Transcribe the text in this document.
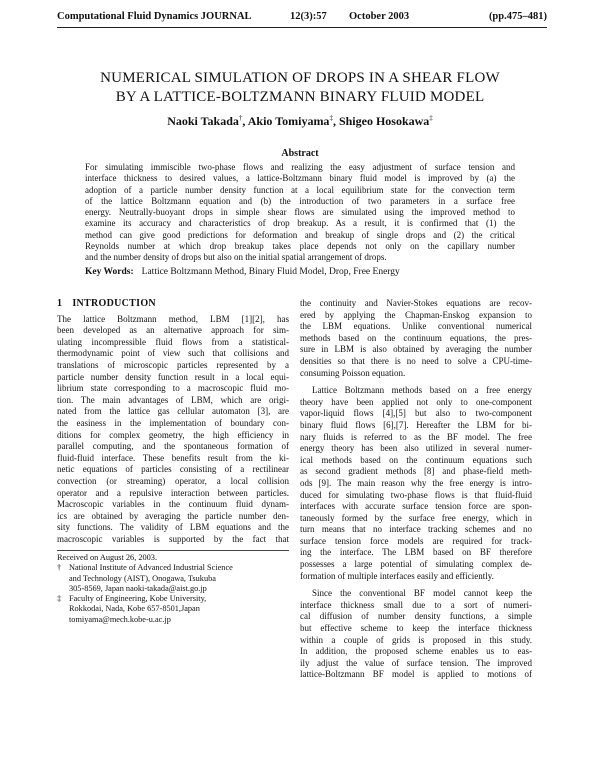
Computational Fluid Dynamics JOURNAL	12(3):57 October 2003	(pp.475–481)
NUMERICAL SIMULATION OF DROPS IN A SHEAR FLOW
BY A LATTICE-BOLTZMANN BINARY FLUID MODEL
Naoki Takada†, Akio Tomiyama‡, Shigeo Hosokawa‡
Abstract
For simulating immiscible two-phase flows and realizing the easy adjustment of surface tension and
interface thickness to desired values, a lattice-Boltzmann binary fluid model is improved by (a) the
adoption of a particle number density function at a local equilibrium state for the convection term
of the lattice Boltzmann equation and (b) the introduction of two parameters in a surface free
energy. Neutrally-buoyant drops in simple shear flows are simulated using the improved method to
examine its accuracy and characteristics of drop breakup. As a result, it is confirmed that (1) the
method can give good predictions for deformation and breakup of single drops and (2) the critical
Reynolds number at which drop breakup takes place depends not only on the capillary number
and the number density of drops but also on the initial spatial arrangement of drops.
Key Words: Lattice Boltzmann Method, Binary Fluid Model, Drop, Free Energy
1 INTRODUCTION
The lattice Boltzmann method, LBM [1][2], has
been developed as an alternative approach for sim-
ulating incompressible fluid flows from a statistical-
thermodynamic point of view such that collisions and
translations of microscopic particles represented by a
particle number density function result in a local equi-
librium state corresponding to a macroscopic fluid mo-
tion. The main advantages of LBM, which are origi-
nated from the lattice gas cellular automaton [3], are
the easiness in the implementation of boundary con-
ditions for complex geometry, the high efficiency in
parallel computing, and the spontaneous formation of
fluid-fluid interface. These benefits result from the ki-
netic equations of particles consisting of a rectilinear
convection (or streaming) operator, a local collision
operator and a repulsive interaction between particles.
Macroscopic variables in the continuum fluid dynam-
ics are obtained by averaging the particle number den-
sity functions. The validity of LBM equations and the
macroscopic variables is supported by the fact that
Received on August 26, 2003.
† National Institute of Advanced Industrial Science
and Technology (AIST), Onogawa, Tsukuba
305-8569, Japan naoki-takada@aist.go.jp
‡ Faculty of Engineering, Kobe University,
Rokkodai, Nada, Kobe 657-8501,Japan
tomiyama@mech.kobe-u.ac.jp
the continuity and Navier-Stokes equations are recov-
ered by applying the Chapman-Enskog expansion to
the LBM equations. Unlike conventional numerical
methods based on the continuum equations, the pres-
sure in LBM is also obtained by averaging the number
densities so that there is no need to solve a CPU-time-
consuming Poisson equation.
Lattice Boltzmann methods based on a free energy
theory have been applied not only to one-component
vapor-liquid flows [4],[5] but also to two-component
binary fluid flows [6],[7]. Hereafter the LBM for bi-
nary fluids is referred to as the BF model. The free
energy theory has been also utilized in several numer-
ical methods based on the continuum equations such
as second gradient methods [8] and phase-field meth-
ods [9]. The main reason why the free energy is intro-
duced for simulating two-phase flows is that fluid-fluid
interfaces with accurate surface tension force are spon-
taneously formed by the surface free energy, which in
turn means that no interface tracking schemes and no
surface tension force models are required for track-
ing the interface. The LBM based on BF therefore
possesses a large potential of simulating complex de-
formation of multiple interfaces easily and efficiently.
Since the conventional BF model cannot keep the
interface thickness small due to a sort of numeri-
cal diffusion of number density functions, a simple
but effective scheme to keep the interface thickness
within a couple of grids is proposed in this study.
In addition, the proposed scheme enables us to eas-
ily adjust the value of surface tension. The improved
lattice-Boltzmann BF model is applied to motions of
